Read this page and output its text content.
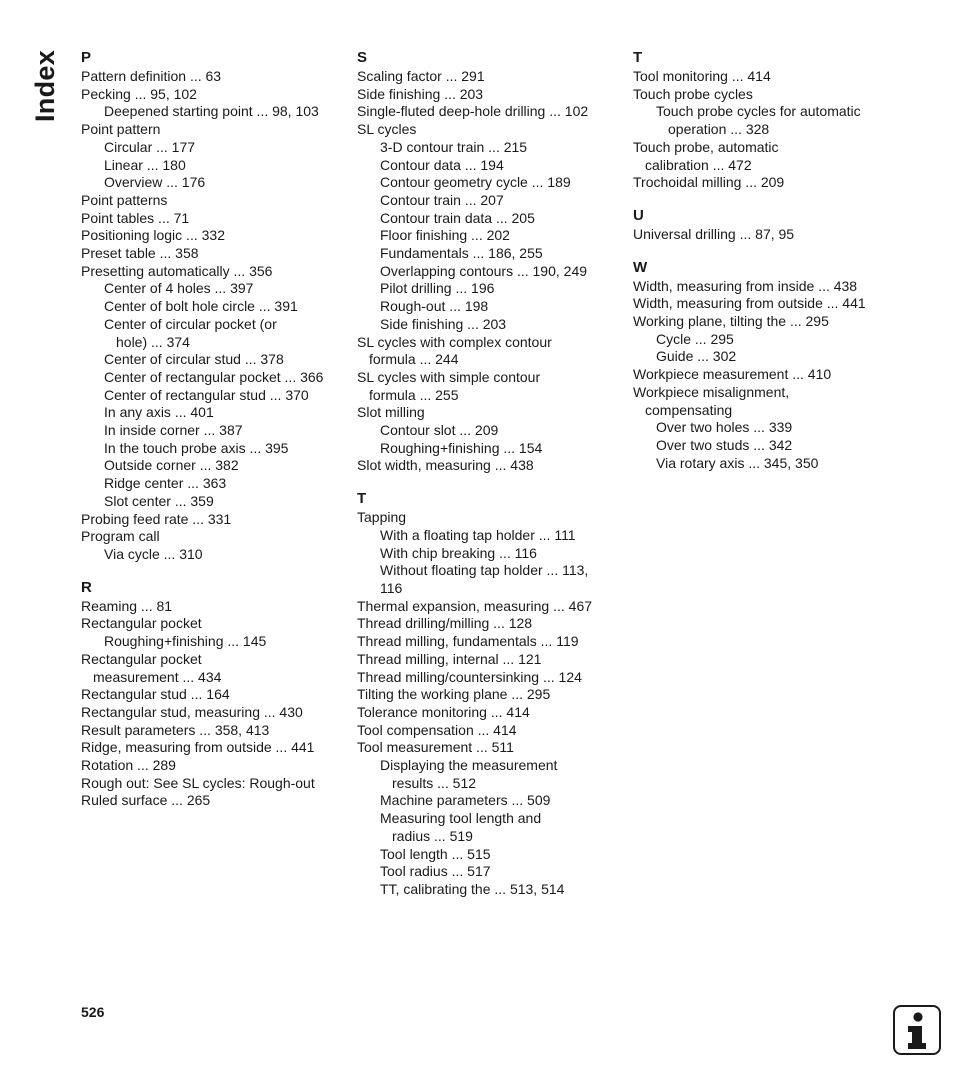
Index P
Pattern definition ... 63
Pecking ... 95, 102
Deepened starting point ... 98, 103
Point pattern
Circular ... 177
Linear ... 180
Overview ... 176
Point patterns
Point tables ... 71
Positioning logic ... 332
Preset table ... 358
Presetting automatically ... 356
Center of 4 holes ... 397
Center of bolt hole circle ... 391
Center of circular pocket (or
hole) ... 374
Center of circular stud ... 378
Center of rectangular pocket ... 366
Center of rectangular stud ... 370
In any axis ... 401
In inside corner ... 387
In the touch probe axis ... 395
Outside corner ... 382
Ridge center ... 363
Slot center ... 359
Probing feed rate ... 331
Program call
Via cycle ... 310
R
Reaming ... 81
Rectangular pocket
Roughing+finishing ... 145
Rectangular pocket
measurement ... 434
Rectangular stud ... 164
Rectangular stud, measuring ... 430
Result parameters ... 358, 413
Ridge, measuring from outside ... 441
Rotation ... 289
Rough out: See SL cycles: Rough-out
Ruled surface ... 265
S
Scaling factor ... 291
Side finishing ... 203
Single-fluted deep-hole drilling ... 102
SL cycles
3-D contour train ... 215
Contour data ... 194
Contour geometry cycle ... 189
Contour train ... 207
Contour train data ... 205
Floor finishing ... 202
Fundamentals ... 186, 255
Overlapping contours ... 190, 249
Pilot drilling ... 196
Rough-out ... 198
Side finishing ... 203
SL cycles with complex contour
formula ... 244
SL cycles with simple contour
formula ... 255
Slot milling
Contour slot ... 209
Roughing+finishing ... 154
Slot width, measuring ... 438
T
Tapping
With a floating tap holder ... 111
With chip breaking ... 116
Without floating tap holder ... 113,
116
Thermal expansion, measuring ... 467
Thread drilling/milling ... 128
Thread milling, fundamentals ... 119
Thread milling, internal ... 121
Thread milling/countersinking ... 124
Tilting the working plane ... 295
Tolerance monitoring ... 414
Tool compensation ... 414
Tool measurement ... 511
Displaying the measurement
results ... 512
Machine parameters ... 509
Measuring tool length and
radius ... 519
Tool length ... 515
Tool radius ... 517
TT, calibrating the ... 513, 514
T
Tool monitoring ... 414
Touch probe cycles
Touch probe cycles for automatic
operation ... 328
Touch probe, automatic
calibration ... 472
Trochoidal milling ... 209
U
Universal drilling ... 87, 95
W
Width, measuring from inside ... 438
Width, measuring from outside ... 441
Working plane, tilting the ... 295
Cycle ... 295
Guide ... 302
Workpiece measurement ... 410
Workpiece misalignment,
compensating
Over two holes ... 339
Over two studs ... 342
Via rotary axis ... 345, 350
526
